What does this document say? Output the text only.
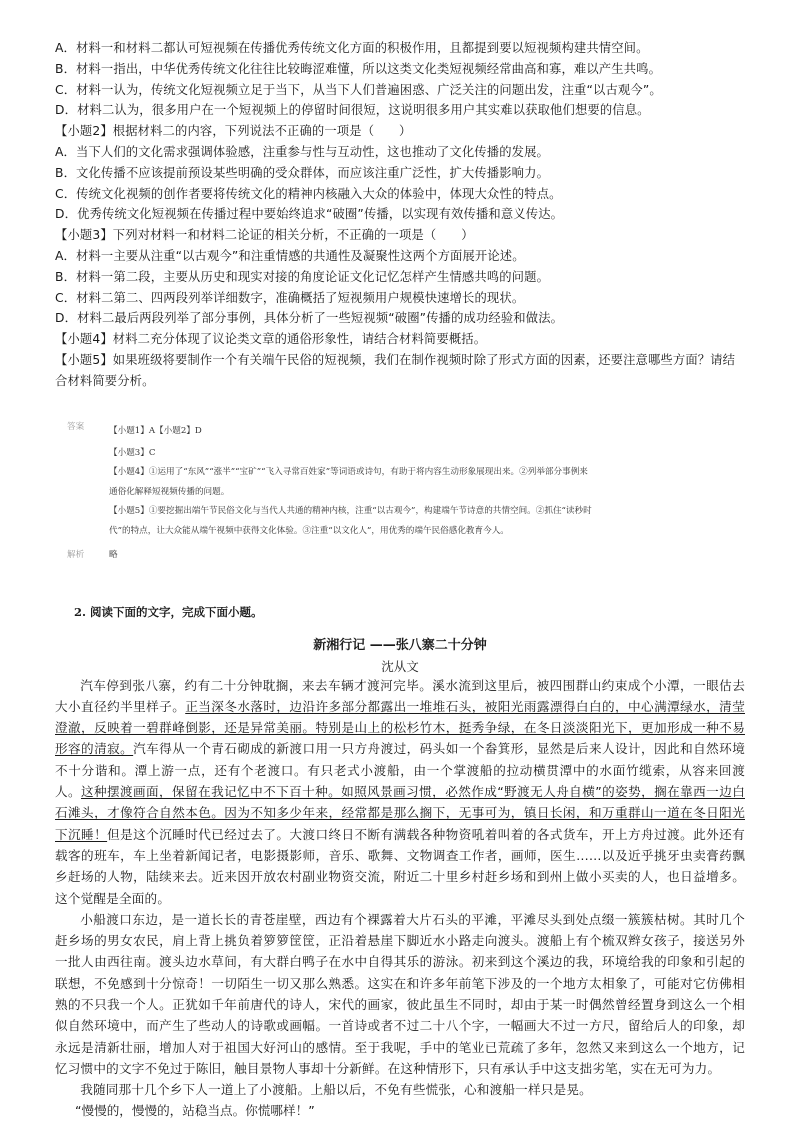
A．材料一和材料二都认可短视频在传播优秀传统文化方面的积极作用，且都提到要以短视频构建共情空间。
B．材料一指出，中华优秀传统文化往往比较晦涩难懂，所以这类文化类短视频经常曲高和寡，难以产生共鸣。
C．材料一认为，传统文化短视频立足于当下，从当下人们普遍困惑、广泛关注的问题出发，注重“以古观今”。
D．材料二认为，很多用户在一个短视频上的停留时间很短，这说明很多用户其实难以获取他们想要的信息。
【小题2】根据材料二的内容，下列说法不正确的一项是（　　）
A．当下人们的文化需求强调体验感，注重参与性与互动性，这也推动了文化传播的发展。
B．文化传播不应该提前预设某些明确的受众群体，而应该注重广泛性，扩大传播影响力。
C．传统文化视频的创作者要将传统文化的精神内核融入大众的体验中，体现大众性的特点。
D．优秀传统文化短视频在传播过程中要始终追求“破圈”传播，以实现有效传播和意义传达。
【小题3】下列对材料一和材料二论证的相关分析，不正确的一项是（　　）
A．材料一主要从注重“以古观今”和注重情感的共通性及凝聚性这两个方面展开论述。
B．材料一第二段，主要从历史和现实对接的角度论证文化记忆怎样产生情感共鸣的问题。
C．材料二第二、四两段列举详细数字，准确概括了短视频用户规模快速增长的现状。
D．材料二最后两段列举了部分事例，具体分析了一些短视频“破圈”传播的成功经验和做法。
【小题4】材料二充分体现了议论类文章的通俗形象性，请结合材料简要概括。
【小题5】如果班级将要制作一个有关端午民俗的短视频，我们在制作视频时除了形式方面的因素，还要注意哪些方面？请结合材料简要分析。
答案	【小题1】A【小题2】D
【小题3】C
【小题4】①运用了“东风”“涨半”“宝矿”“飞入寻常百姓家”等词语或诗句，有助于将内容生动形象展现出来。②列举部分事例来
通俗化解释短视频传播的问题。
【小题5】①要挖掘出端午节民俗文化与当代人共通的精神内核，注重“以古观今”，构建端午节诗意的共情空间。②抓住“读秒时
代”的特点，让大众能从端午视频中获得文化体验。③注重“以文化人”，用优秀的端午民俗感化教育今人。
解析	略
2. 阅读下面的文字，完成下面小题。
新湘行记 ——张八寨二十分钟
沈从文

汽车停到张八寨，约有二十分钟耽搁，来去车辆才渡河完毕。溪水流到这里后，被四围群山约束成个小潭，一眼估去大小直径约半里样子。正当深冬水落时，边沿许多部分都露出一堆堆石头，被阳光雨露漂得白白的，中心满潭绿水，清莹澄澈，反映着一碧群峰倒影，还是异常美丽。特别是山上的松杉竹木，挺秀争绿，在冬日淡淡阳光下，更加形成一种不易形容的清寂。汽车得从一个青石砌成的新渡口用一只方舟渡过，码头如一个畚箕形，显然是后来人设计，因此和自然环境不十分谐和。潭上游一点，还有个老渡口。有只老式小渡船，由一个掌渡船的拉动横贯潭中的水面竹缆索，从容来回渡人。这种摆渡画面，保留在我记忆中不下百十种。如照风景画习惯，必然作成“野渡无人舟自横”的姿势，搁在靠西一边白石滩头，才像符合自然本色。因为不知多少年来，经常都是那么搁下，无事可为，镇日长闲，和万重群山一道在冬日阳光下沉睡！但是这个沉睡时代已经过去了。大渡口终日不断有满载各种物资吼着叫着的各式货车，开上方舟过渡。此外还有载客的班车，车上坐着新闻记者，电影摄影师，音乐、歌舞、文物调查工作者，画师，医生……以及近乎挑牙虫卖膏药飘乡赶场的人物，陆续来去。近来因开放农村副业物资交流，附近二十里乡村赶乡场和到州上做小买卖的人，也日益增多。这个觉醒是全面的。

小船渡口东边，是一道长长的青苍崖壁，西边有个裸露着大片石头的平滩，平滩尽头到处点缀一簇簇枯树。其时几个赶乡场的男女农民，肩上背上挑负着箩箩筐筐，正沿着悬崖下脚近水小路走向渡头。渡船上有个梳双辫女孩子，接送另外一批人由西往南。渡头边水草间，有大群白鸭子在水中自得其乐的游泳。初来到这个溪边的我，环境给我的印象和引起的联想，不免感到十分惊奇！一切陌生一切又那么熟悉。这实在和许多年前笔下涉及的一个地方太相象了，可能对它仿佛相熟的不只我一个人。正犹如千年前唐代的诗人，宋代的画家，彼此虽生不同时，却由于某一时偶然曾经置身到这么一个相似自然环境中，而产生了些动人的诗歌或画幅。一首诗或者不过二十八个字，一幅画大不过一方尺，留给后人的印象，却永远是清新壮丽，增加人对于祖国大好河山的感情。至于我呢，手中的笔业已荒疏了多年，忽然又来到这么一个地方，记忆习惯中的文字不免过于陈旧，触目景物人事却十分新鲜。在这种情形下，只有承认手中这支拙劣笔，实在无可为力。

我随同那十几个乡下人一道上了小渡船。上船以后，不免有些慌张，心和渡船一样只是晃。

“慢慢的，慢慢的，站稳当点。你慌哪样！”
